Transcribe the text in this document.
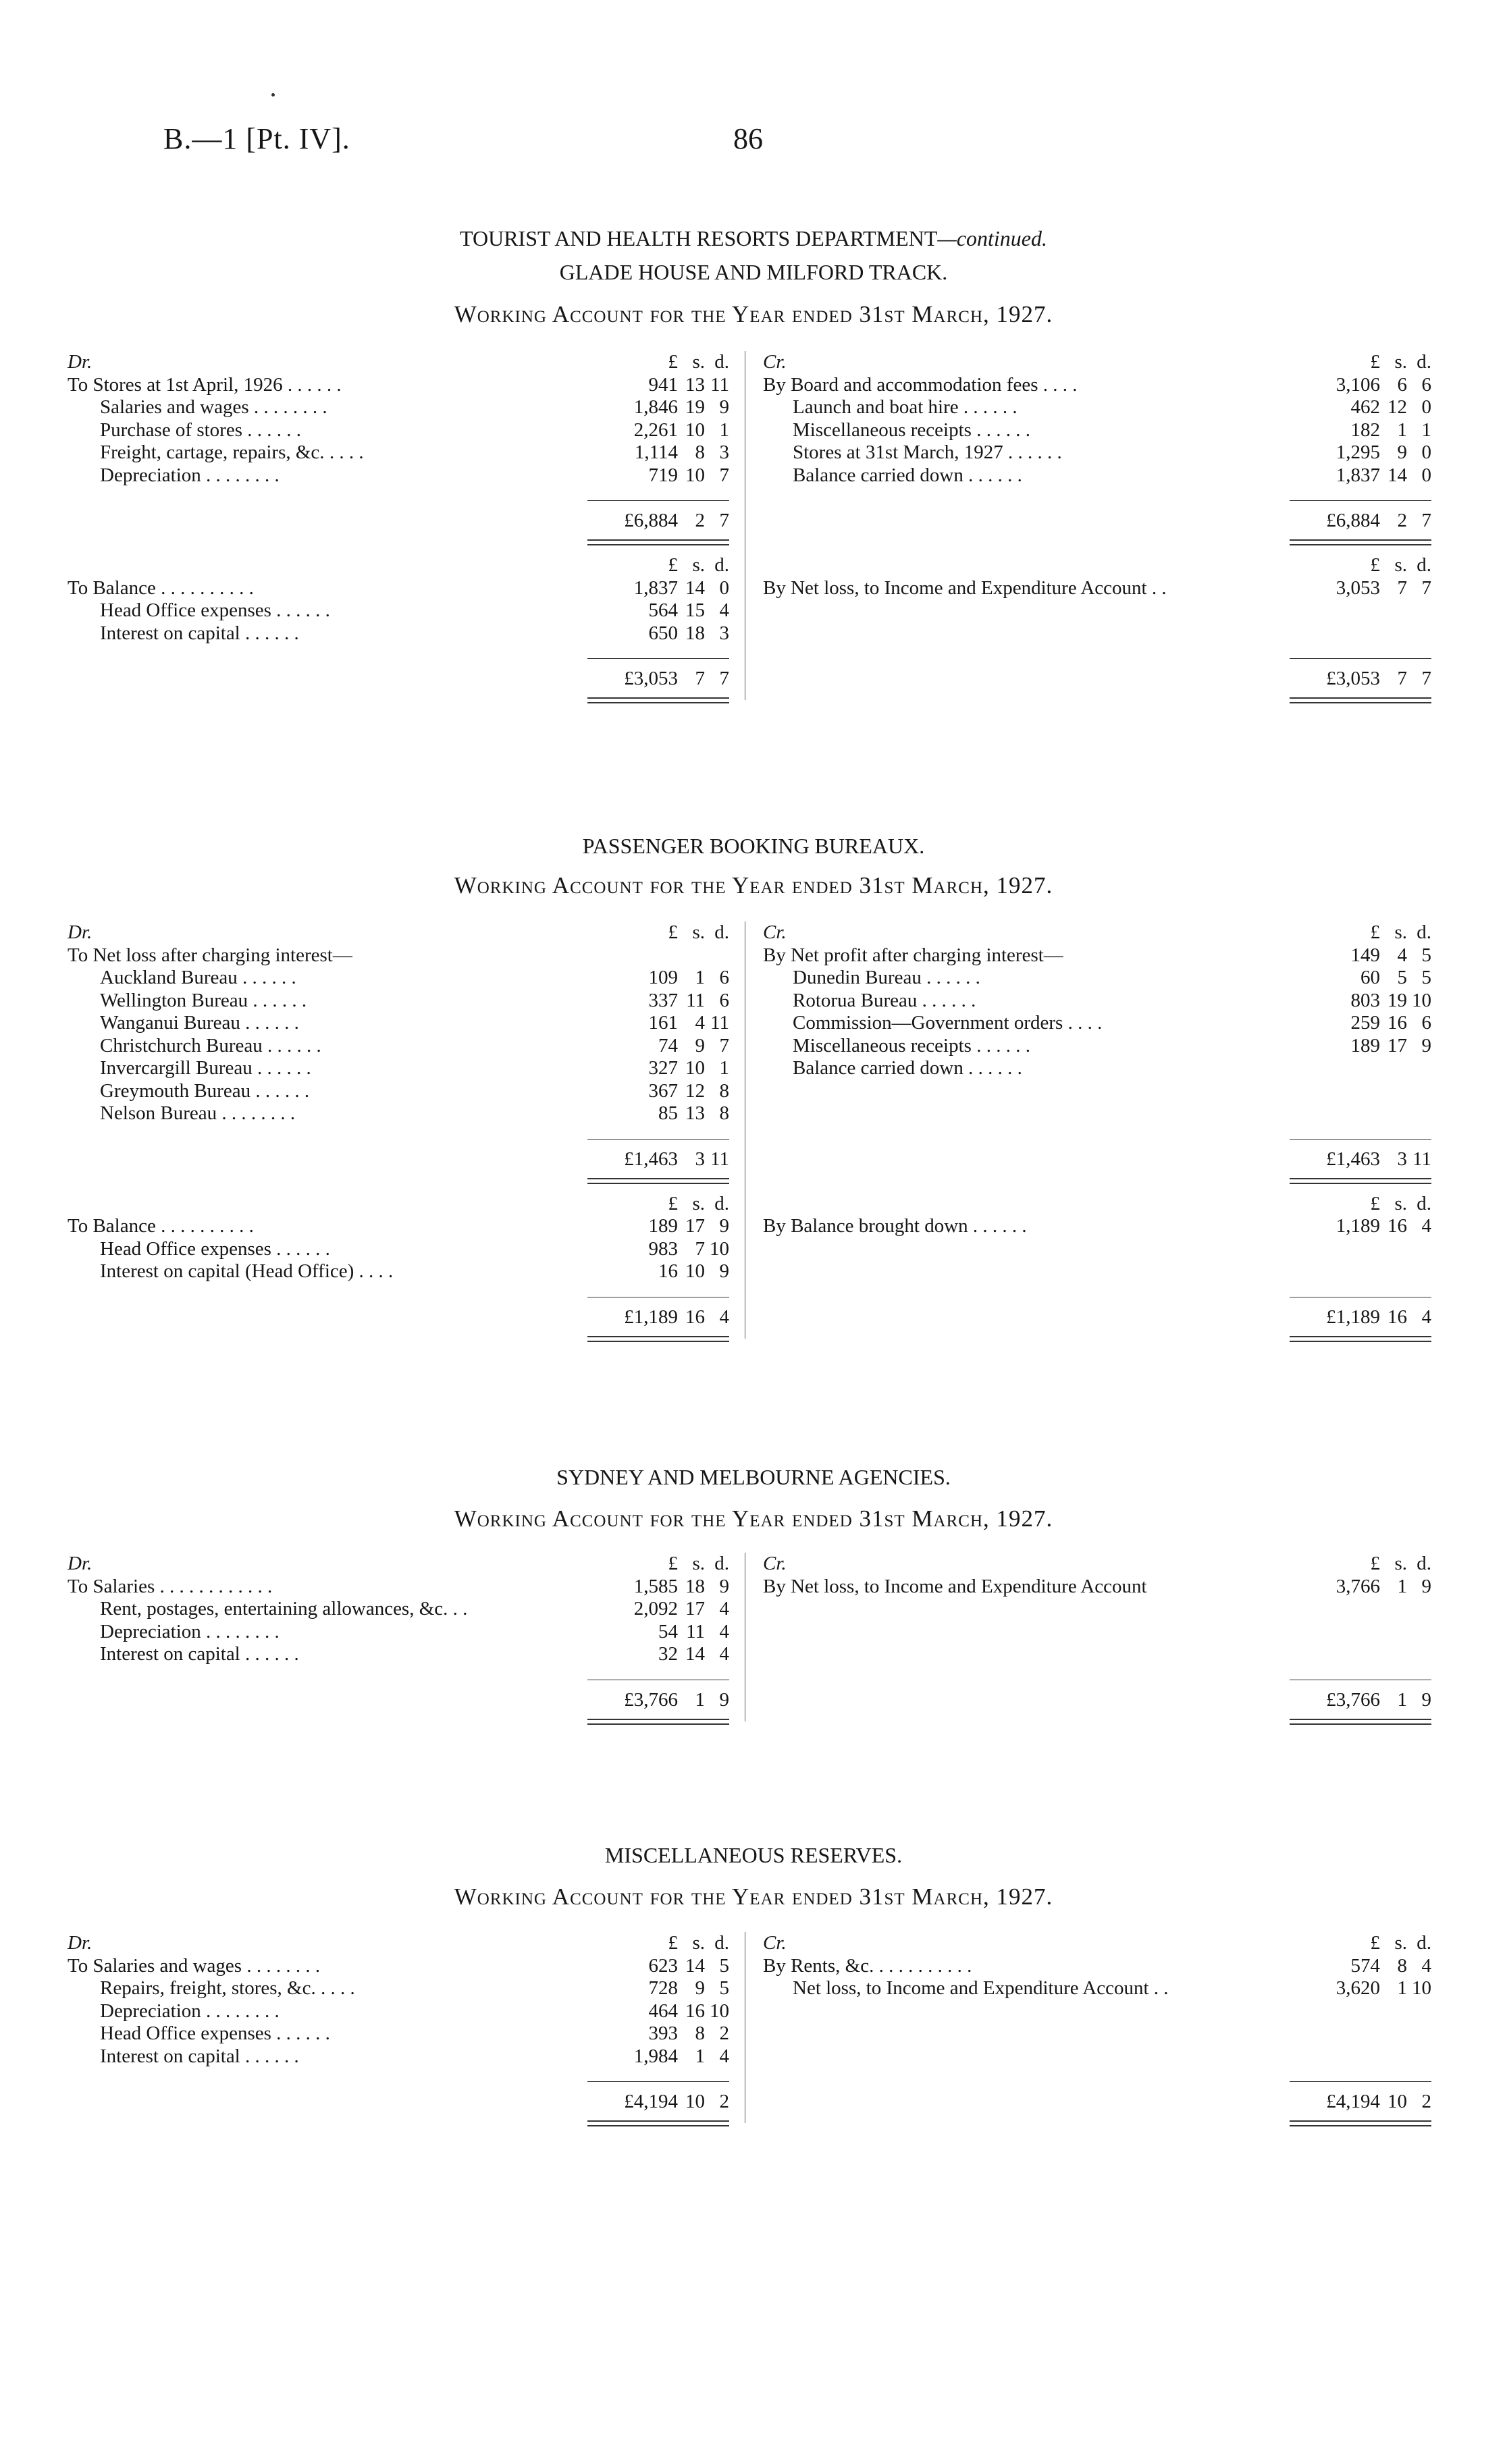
B.—1 [Pt. IV].	86
TOURIST AND HEALTH RESORTS DEPARTMENT—continued.
GLADE HOUSE AND MILFORD TRACK.
Working Account for the Year ended 31st March, 1927.
Dr.	£ s. d.
To Stores at 1st April, 1926 . . . . . .	941 13 11
Salaries and wages . . . . . . . .	1,846 19 9
Purchase of stores . . . . . .	2,261 10 1
Freight, cartage, repairs, &c. . . . .	1,114 8 3
Depreciation . . . . . . . .	719 10 7
£6,884 2 7
£ s. d.
To Balance . . . . . . . . . .	1,837 14 0
Head Office expenses . . . . . .	564 15 4
Interest on capital . . . . . .	650 18 3
£3,053 7 7
Cr.	£ s. d.
By Board and accommodation fees . . . .	3,106 6 6
Launch and boat hire . . . . . .	462 12 0
Miscellaneous receipts . . . . . .	182 1 1
Stores at 31st March, 1927 . . . . . .	1,295 9 0
Balance carried down . . . . . .	1,837 14 0
£6,884 2 7
£ s. d.
By Net loss, to Income and Expenditure Account . .	3,053 7 7
£3,053 7 7
PASSENGER BOOKING BUREAUX.
Working Account for the Year ended 31st March, 1927.
Dr.	£ s. d.
To Net loss after charging interest—
Auckland Bureau . . . . . .	109 1 6
Wellington Bureau . . . . . .	337 11 6
Wanganui Bureau . . . . . .	161 4 11
Christchurch Bureau . . . . . .	74 9 7
Invercargill Bureau . . . . . .	327 10 1
Greymouth Bureau . . . . . .	367 12 8
Nelson Bureau . . . . . . . .	85 13 8
£1,463 3 11
£ s. d.
To Balance . . . . . . . . . .	189 17 9
Head Office expenses . . . . . .	983 7 10
Interest on capital (Head Office) . . . .	16 10 9
£1,189 16 4
Cr.	£ s. d.
By Net profit after charging interest—	149 4 5
Dunedin Bureau . . . . . .	60 5 5
Rotorua Bureau . . . . . .	803 19 10
Commission—Government orders . . . .	259 16 6
Miscellaneous receipts . . . . . .	189 17 9
Balance carried down . . . . . .
£1,463 3 11
£ s. d.
By Balance brought down . . . . . .	1,189 16 4
£1,189 16 4
SYDNEY AND MELBOURNE AGENCIES.
Working Account for the Year ended 31st March, 1927.
Dr.	£ s. d.
To Salaries . . . . . . . . . . . .	1,585 18 9
Rent, postages, entertaining allowances, &c. . .	2,092 17 4
Depreciation . . . . . . . .	54 11 4
Interest on capital . . . . . .	32 14 4
£3,766 1 9
Cr.	£ s. d.
By Net loss, to Income and Expenditure Account	3,766 1 9
£3,766 1 9
MISCELLANEOUS RESERVES.
Working Account for the Year ended 31st March, 1927.
Dr.	£ s. d.
To Salaries and wages . . . . . . . .	623 14 5
Repairs, freight, stores, &c. . . . .	728 9 5
Depreciation . . . . . . . .	464 16 10
Head Office expenses . . . . . .	393 8 2
Interest on capital . . . . . .	1,984 1 4
£4,194 10 2
Cr.	£ s. d.
By Rents, &c. . . . . . . . . . .	574 8 4
Net loss, to Income and Expenditure Account . .	3,620 1 10
£4,194 10 2
